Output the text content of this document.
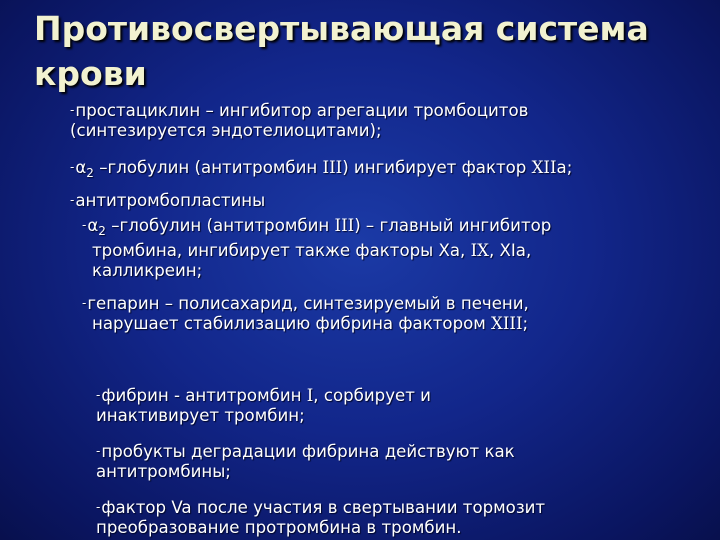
Противосвертывающая система крови
-простациклин – ингибитор агрегации тромбоцитов (синтезируется эндотелиоцитами);
$-\alpha_2$ –глобулин (антитромбин III) ингибирует фактор XIIa;
-антитромбопластины
$-\alpha_2$ –глобулин (антитромбин III) – главный ингибитор тромбина, ингибирует также факторы Xa, IX, XIa, калликреин;
-гепарин – полисахарид, синтезируемый в печени, нарушает стабилизацию фибрина фактором XIII;
-фибрин - антитромбин I, сорбирует и инактивирует тромбин;
-пробукты деградации фибрина действуют как антитромбины;
-фактор Va после участия в свертывании тормозит преобразование протромбина в тромбин.
